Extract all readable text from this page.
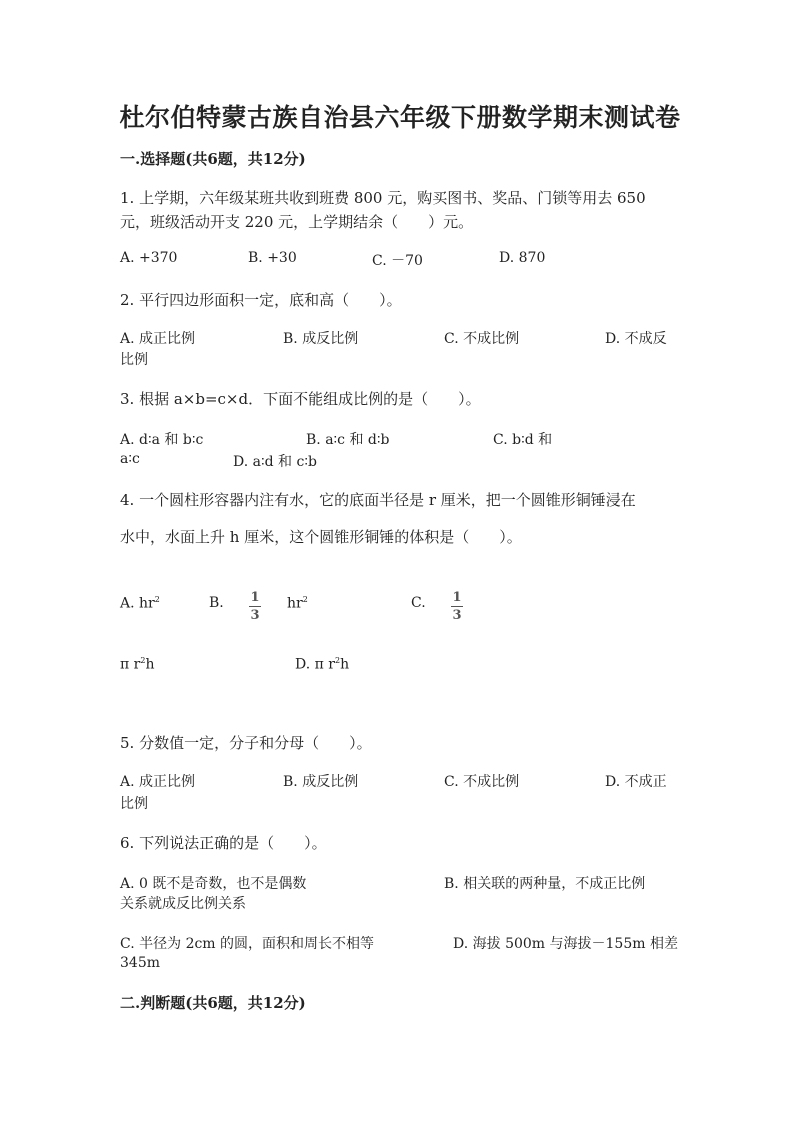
杜尔伯特蒙古族自治县六年级下册数学期末测试卷
一.选择题(共6题，共12分)
1. 上学期，六年级某班共收到班费 800 元，购买图书、奖品、门锁等用去 650
元，班级活动开支 220 元，上学期结余（　　）元。
A. +370	B. +30	C. －70	D. 870
2. 平行四边形面积一定，底和高（　　）。
A. 成正比例	B. 成反比例	C. 不成比例	D. 不成反
比例
3. 根据 a×b=c×d．下面不能组成比例的是（　　）。
A. d∶a 和 b∶c	B. a∶c 和 d∶b	C. b∶d 和
a∶c	D. a∶d 和 c∶b
4. 一个圆柱形容器内注有水，它的底面半径是 r 厘米，把一个圆锥形铜锤浸在
水中，水面上升 h 厘米，这个圆锥形铜锤的体积是（　　）。
A. $hr^2$	B. 1
3
$hr^2$	C. 1
3
π $r^2h$	D. π $r^2h$
5. 分数值一定，分子和分母（　　）。
A. 成正比例	B. 成反比例	C. 不成比例	D. 不成正
比例
6. 下列说法正确的是（　　）。
A. 0 既不是奇数，也不是偶数	B. 相关联的两种量，不成正比例
关系就成反比例关系
C. 半径为 2cm 的圆，面积和周长不相等	D. 海拔 500m 与海拔－155m 相差
345m
二.判断题(共6题，共12分)
